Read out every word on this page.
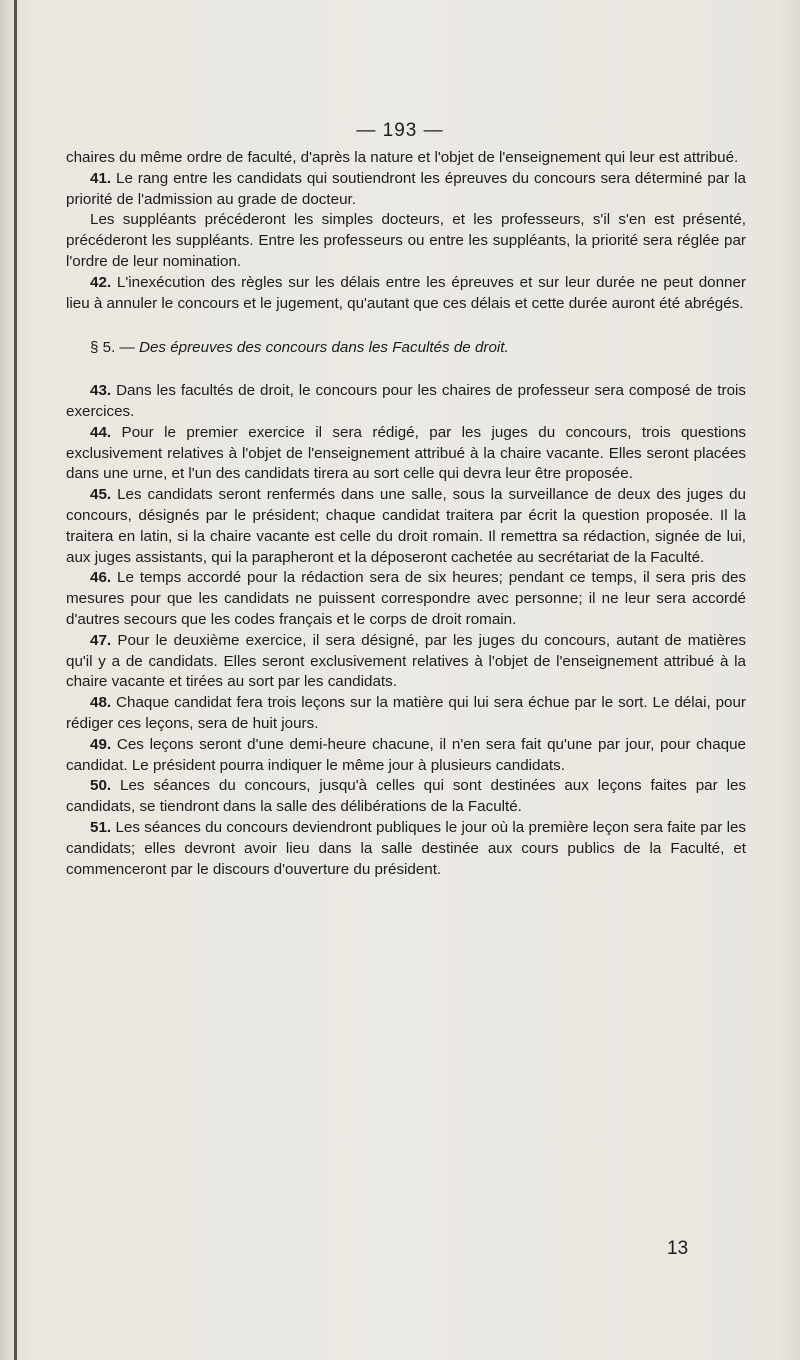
— 193 —

chaires du même ordre de faculté, d'après la nature et l'objet de l'enseignement qui leur est attribué.

41. Le rang entre les candidats qui soutiendront les épreuves du concours sera déterminé par la priorité de l'admission au grade de docteur.

Les suppléants précéderont les simples docteurs, et les professeurs, s'il s'en est présenté, précéderont les suppléants. Entre les professeurs ou entre les suppléants, la priorité sera réglée par l'ordre de leur nomination.

42. L'inexécution des règles sur les délais entre les épreuves et sur leur durée ne peut donner lieu à annuler le concours et le jugement, qu'autant que ces délais et cette durée auront été abrégés.

§ 5. — Des épreuves des concours dans les Facultés de droit.

43. Dans les facultés de droit, le concours pour les chaires de professeur sera composé de trois exercices.

44. Pour le premier exercice il sera rédigé, par les juges du concours, trois questions exclusivement relatives à l'objet de l'enseignement attribué à la chaire vacante. Elles seront placées dans une urne, et l'un des candidats tirera au sort celle qui devra leur être proposée.

45. Les candidats seront renfermés dans une salle, sous la surveillance de deux des juges du concours, désignés par le président; chaque candidat traitera par écrit la question proposée. Il la traitera en latin, si la chaire vacante est celle du droit romain. Il remettra sa rédaction, signée de lui, aux juges assistants, qui la parapheront et la déposeront cachetée au secrétariat de la Faculté.

46. Le temps accordé pour la rédaction sera de six heures; pendant ce temps, il sera pris des mesures pour que les candidats ne puissent correspondre avec personne; il ne leur sera accordé d'autres secours que les codes français et le corps de droit romain.

47. Pour le deuxième exercice, il sera désigné, par les juges du concours, autant de matières qu'il y a de candidats. Elles seront exclusivement relatives à l'objet de l'enseignement attribué à la chaire vacante et tirées au sort par les candidats.

48. Chaque candidat fera trois leçons sur la matière qui lui sera échue par le sort. Le délai, pour rédiger ces leçons, sera de huit jours.

49. Ces leçons seront d'une demi-heure chacune, il n'en sera fait qu'une par jour, pour chaque candidat. Le président pourra indiquer le même jour à plusieurs candidats.

50. Les séances du concours, jusqu'à celles qui sont destinées aux leçons faites par les candidats, se tiendront dans la salle des délibérations de la Faculté.

51. Les séances du concours deviendront publiques le jour où la première leçon sera faite par les candidats; elles devront avoir lieu dans la salle destinée aux cours publics de la Faculté, et commenceront par le discours d'ouverture du président.

13
